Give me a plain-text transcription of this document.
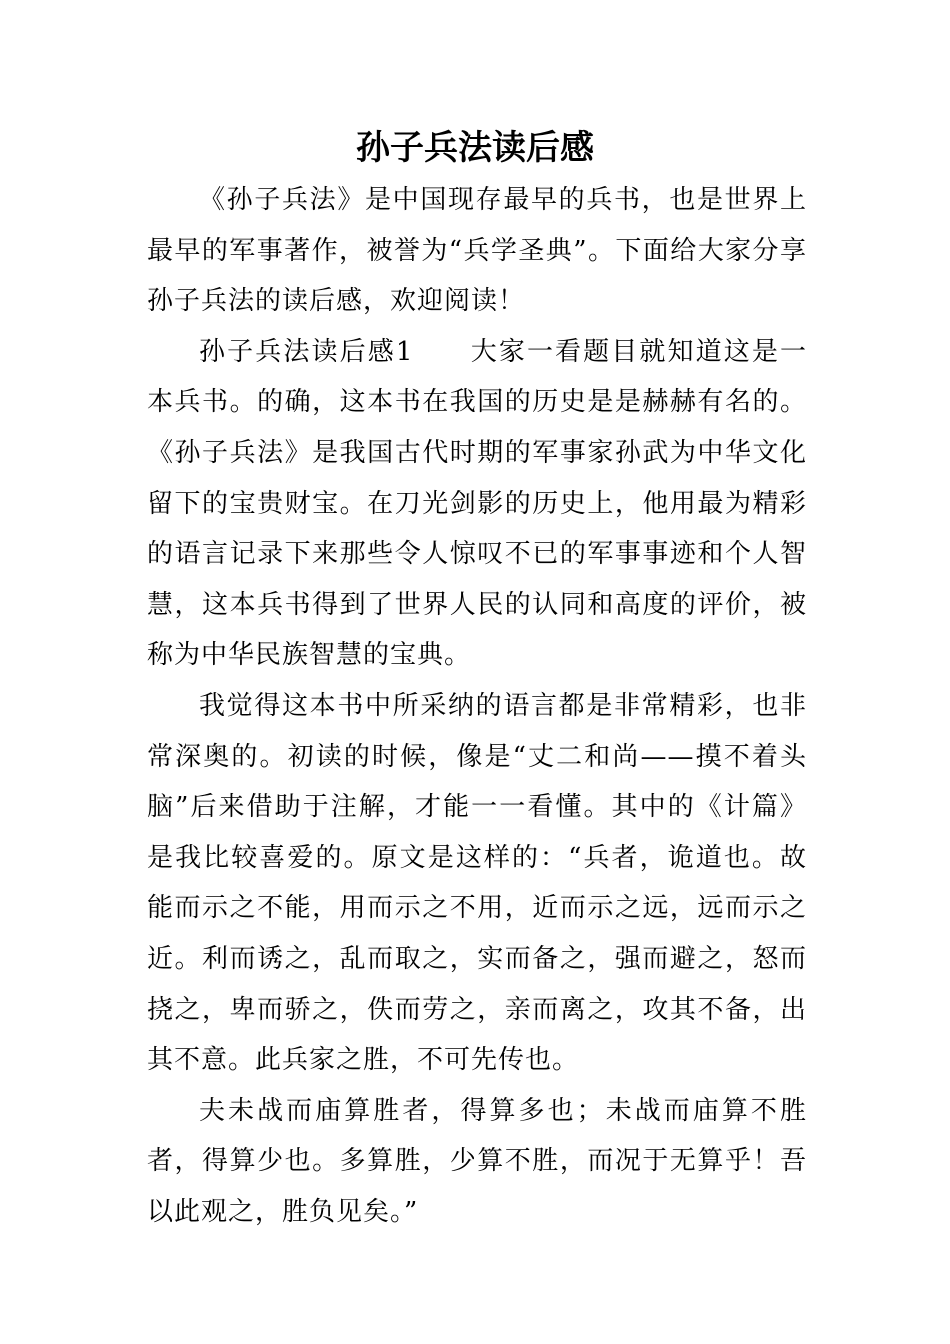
孙子兵法读后感

《孙子兵法》是中国现存最早的兵书，也是世界上最早的军事著作，被誉为“兵学圣典”。下面给大家分享孙子兵法的读后感，欢迎阅读！

孙子兵法读后感1　　大家一看题目就知道这是一本兵书。的确，这本书在我国的历史是是赫赫有名的。《孙子兵法》是我国古代时期的军事家孙武为中华文化留下的宝贵财宝。在刀光剑影的历史上，他用最为精彩的语言记录下来那些令人惊叹不已的军事事迹和个人智慧，这本兵书得到了世界人民的认同和高度的评价，被称为中华民族智慧的宝典。

我觉得这本书中所采纳的语言都是非常精彩，也非常深奥的。初读的时候，像是“丈二和尚——摸不着头脑”后来借助于注解，才能一一看懂。其中的《计篇》是我比较喜爱的。原文是这样的：“兵者，诡道也。故能而示之不能，用而示之不用，近而示之远，远而示之近。利而诱之，乱而取之，实而备之，强而避之，怒而挠之，卑而骄之，佚而劳之，亲而离之，攻其不备，出其不意。此兵家之胜，不可先传也。

夫未战而庙算胜者，得算多也；未战而庙算不胜者，得算少也。多算胜，少算不胜，而况于无算乎！吾以此观之，胜负见矣。”
